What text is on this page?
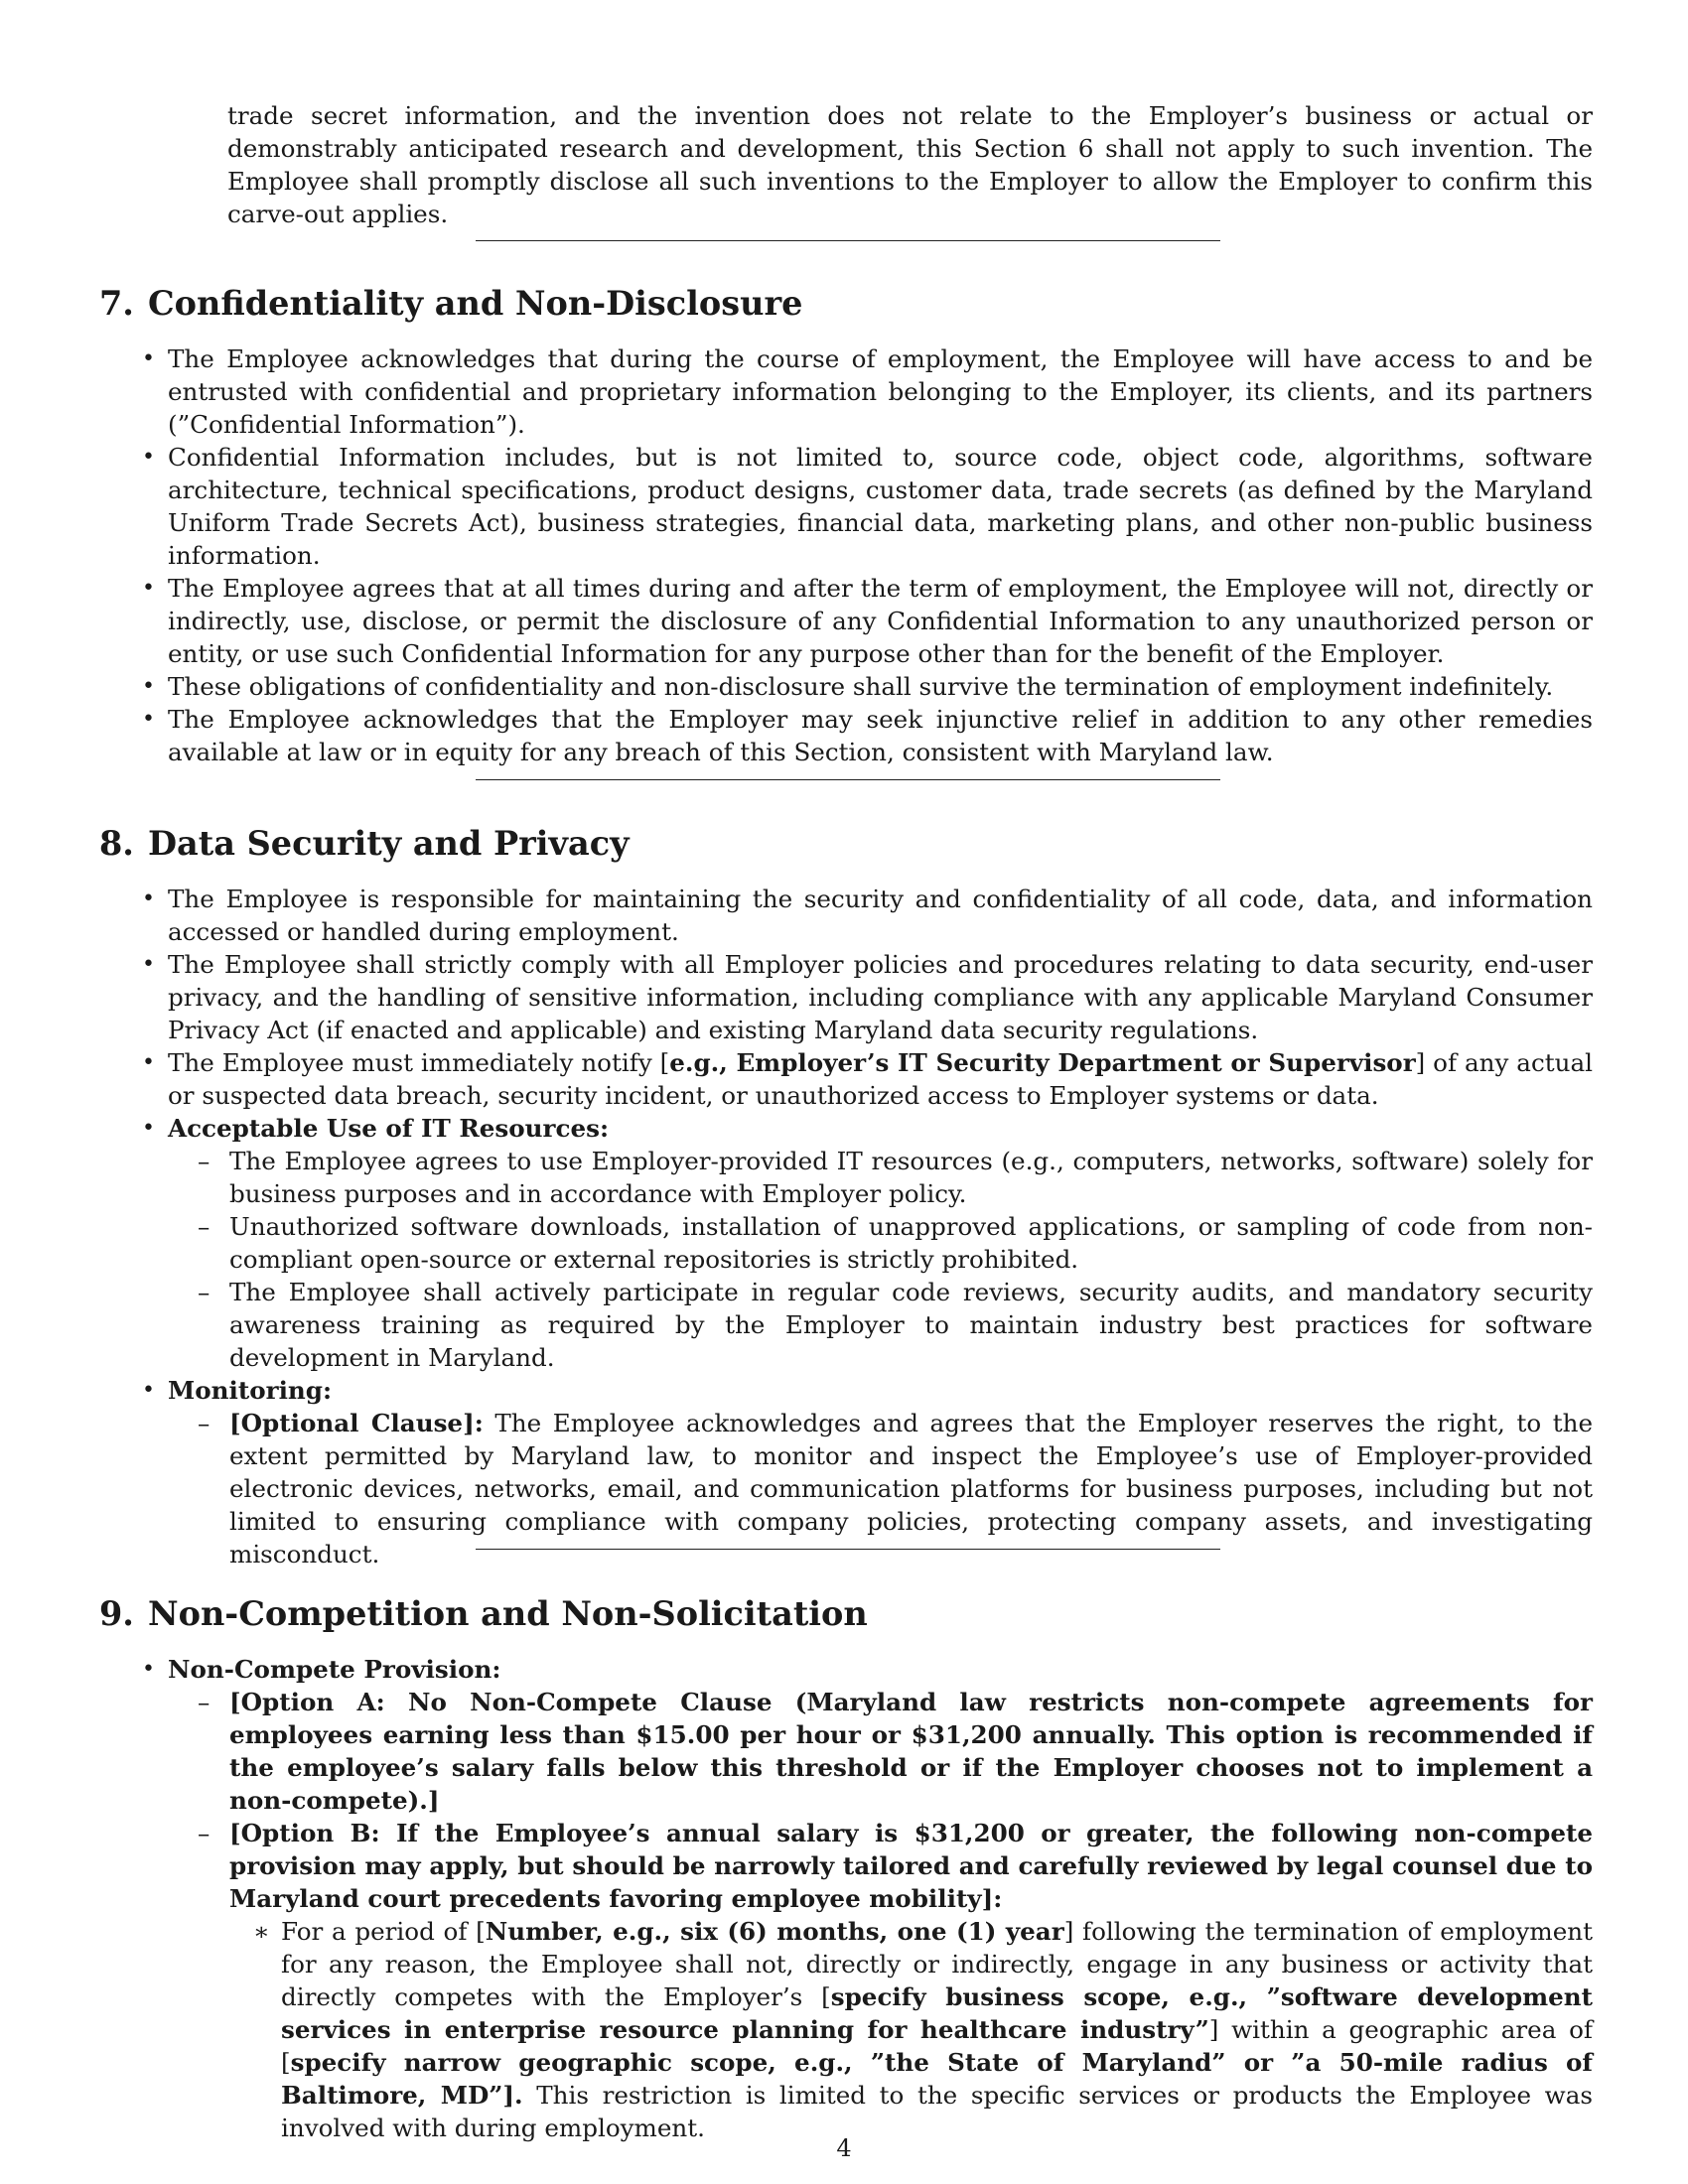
trade secret information, and the invention does not relate to the Employer’s business or actual or demonstrably anticipated research and development, this Section 6 shall not apply to such invention. The Employee shall promptly disclose all such inventions to the Employer to allow the Employer to confirm this carve-out applies.

7. Confidentiality and Non-Disclosure
• The Employee acknowledges that during the course of employment, the Employee will have access to and be entrusted with confidential and proprietary information belonging to the Employer, its clients, and its partners (”Confidential Information”).
• Confidential Information includes, but is not limited to, source code, object code, algorithms, software architecture, technical specifications, product designs, customer data, trade secrets (as defined by the Maryland Uniform Trade Secrets Act), business strategies, financial data, marketing plans, and other non-public business information.
• The Employee agrees that at all times during and after the term of employment, the Employee will not, directly or indirectly, use, disclose, or permit the disclosure of any Confidential Information to any unauthorized person or entity, or use such Confidential Information for any purpose other than for the benefit of the Employer.
• These obligations of confidentiality and non-disclosure shall survive the termination of employment indefinitely.
• The Employee acknowledges that the Employer may seek injunctive relief in addition to any other remedies available at law or in equity for any breach of this Section, consistent with Maryland law.
8. Data Security and Privacy
• The Employee is responsible for maintaining the security and confidentiality of all code, data, and information accessed or handled during employment.
• The Employee shall strictly comply with all Employer policies and procedures relating to data security, end-user privacy, and the handling of sensitive information, including compliance with any applicable Maryland Consumer Privacy Act (if enacted and applicable) and existing Maryland data security regulations.
• The Employee must immediately notify [e.g., Employer’s IT Security Department or Supervisor] of any actual or suspected data breach, security incident, or unauthorized access to Employer systems or data.
• Acceptable Use of IT Resources:
– The Employee agrees to use Employer-provided IT resources (e.g., computers, networks, software) solely for business purposes and in accordance with Employer policy.
– Unauthorized software downloads, installation of unapproved applications, or sampling of code from non-compliant open-source or external repositories is strictly prohibited.
– The Employee shall actively participate in regular code reviews, security audits, and mandatory security awareness training as required by the Employer to maintain industry best practices for software development in Maryland.
• Monitoring:
– [Optional Clause]: The Employee acknowledges and agrees that the Employer reserves the right, to the extent permitted by Maryland law, to monitor and inspect the Employee’s use of Employer-provided electronic devices, networks, email, and communication platforms for business purposes, including but not limited to ensuring compliance with company policies, protecting company assets, and investigating misconduct.
9. Non-Competition and Non-Solicitation
• Non-Compete Provision:
– [Option A: No Non-Compete Clause (Maryland law restricts non-compete agreements for employees earning less than $15.00 per hour or $31,200 annually. This option is recommended if the employee’s salary falls below this threshold or if the Employer chooses not to implement a non-compete).]
– [Option B: If the Employee’s annual salary is $31,200 or greater, the following non-compete provision may apply, but should be narrowly tailored and carefully reviewed by legal counsel due to Maryland court precedents favoring employee mobility]:
∗ For a period of [Number, e.g., six (6) months, one (1) year] following the termination of employment for any reason, the Employee shall not, directly or indirectly, engage in any business or activity that directly competes with the Employer’s [specify business scope, e.g., ”software development services in enterprise resource planning for healthcare industry”] within a geographic area of [specify narrow geographic scope, e.g., ”the State of Maryland” or ”a 50-mile radius of Baltimore, MD”]. This restriction is limited to the specific services or products the Employee was involved with during employment.
4
